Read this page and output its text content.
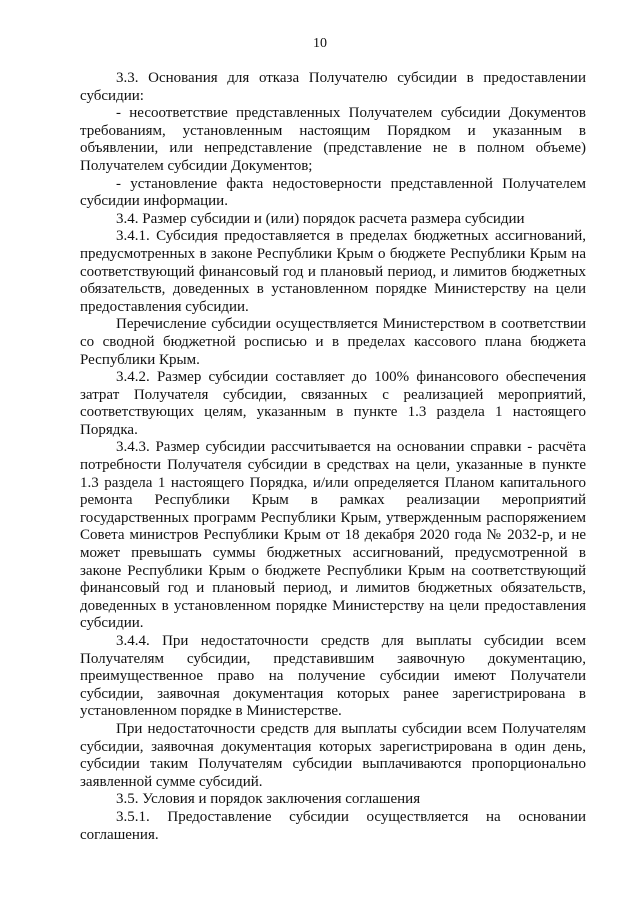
10

3.3. Основания для отказа Получателю субсидии в предоставлении субсидии:

- несоответствие представленных Получателем субсидии Документов требованиям, установленным настоящим Порядком и указанным в объявлении, или непредставление (представление не в полном объеме) Получателем субсидии Документов;

- установление факта недостоверности представленной Получателем субсидии информации.

3.4. Размер субсидии и (или) порядок расчета размера субсидии

3.4.1. Субсидия предоставляется в пределах бюджетных ассигнований, предусмотренных в законе Республики Крым о бюджете Республики Крым на соответствующий финансовый год и плановый период, и лимитов бюджетных обязательств, доведенных в установленном порядке Министерству на цели предоставления субсидии.

Перечисление субсидии осуществляется Министерством в соответствии со сводной бюджетной росписью и в пределах кассового плана бюджета Республики Крым.

3.4.2. Размер субсидии составляет до 100% финансового обеспечения затрат Получателя субсидии, связанных с реализацией мероприятий, соответствующих целям, указанным в пункте 1.3 раздела 1 настоящего Порядка.

3.4.3. Размер субсидии рассчитывается на основании справки - расчёта потребности Получателя субсидии в средствах на цели, указанные в пункте 1.3 раздела 1 настоящего Порядка, и/или определяется Планом капитального ремонта Республики Крым в рамках реализации мероприятий государственных программ Республики Крым, утвержденным распоряжением Совета министров Республики Крым от 18 декабря 2020 года № 2032-р, и не может превышать суммы бюджетных ассигнований, предусмотренной в законе Республики Крым о бюджете Республики Крым на соответствующий финансовый год и плановый период, и лимитов бюджетных обязательств, доведенных в установленном порядке Министерству на цели предоставления субсидии.

3.4.4. При недостаточности средств для выплаты субсидии всем Получателям субсидии, представившим заявочную документацию, преимущественное право на получение субсидии имеют Получатели субсидии, заявочная документация которых ранее зарегистрирована в установленном порядке в Министерстве.

При недостаточности средств для выплаты субсидии всем Получателям субсидии, заявочная документация которых зарегистрирована в один день, субсидии таким Получателям субсидии выплачиваются пропорционально заявленной сумме субсидий.

3.5. Условия и порядок заключения соглашения

3.5.1. Предоставление субсидии осуществляется на основании соглашения.
